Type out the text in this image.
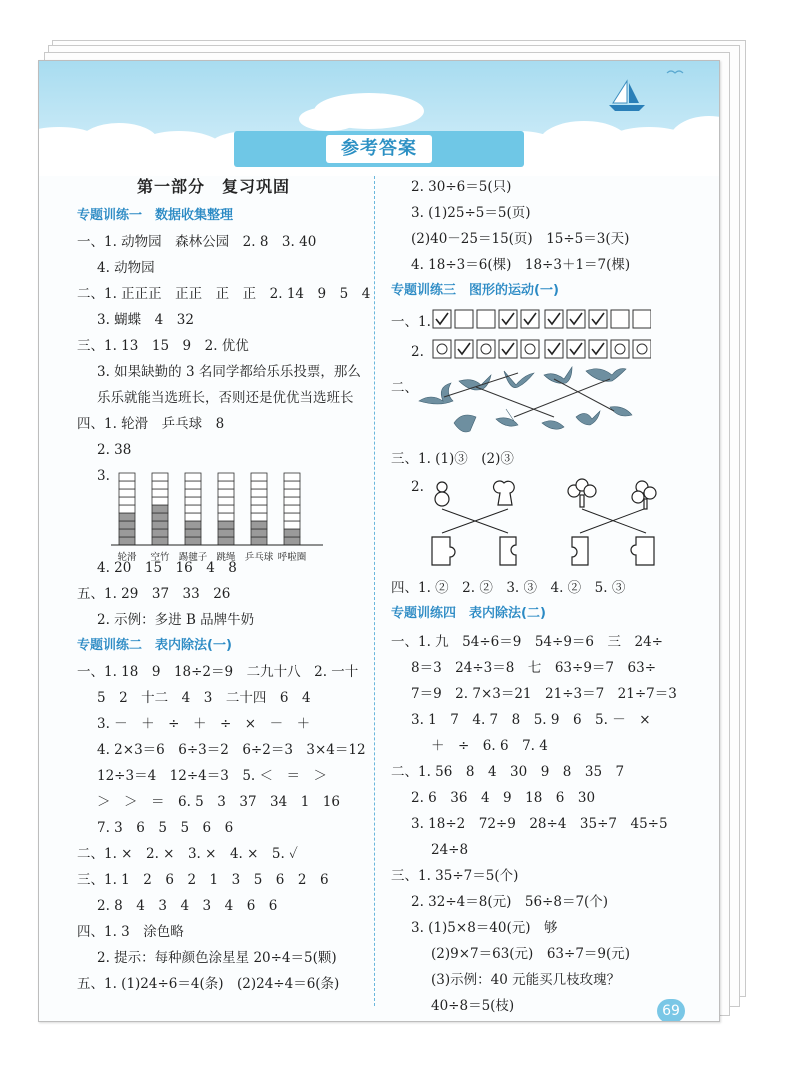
参考答案
第一部分　复习巩固
专题训练一　数据收集整理
一、1. 动物园　森林公园　2. 8　3. 40
4. 动物园
二、1. 正正正　正正　正　正　2. 14　9　5　4
3. 蝴蝶　4　32
三、1. 13　15　9　2. 优优
3. 如果缺勤的 3 名同学都给乐乐投票，那么
乐乐就能当选班长，否则还是优优当选班长
四、1. 轮滑　乒乓球　8
2. 38
3.
轮滑	空竹 踢毽子 跳绳 乒乓球 呼啦圈
4. 20　15　16　4　8
五、1. 29　37　33　26
2. 示例：多进 B 品牌牛奶
专题训练二　表内除法(一)
一、1. 18　9　18÷2＝9　二九十八　2. 一十
5　2　十二　4　3　二十四　6　4
3. －　＋　÷　＋　÷　×　－　＋
4. 2×3＝6　6÷3＝2　6÷2＝3　3×4＝12
12÷3＝4　12÷4＝3　5. ＜　＝　＞
＞　＞　＝　6. 5　3　37　34　1　16
7. 3　6　5　5　6　6
二、1. ×　2. ×　3. ×　4. ×　5. ✓
三、1. 1　2　6　2　1　3　5　6　2　6
2. 8　4　3　4　3　4　6　6
四、1. 3　涂色略
2. 提示：每种颜色涂星星 20÷4＝5(颗)
五、1. (1)24÷6＝4(条)　(2)24÷4＝6(条)
2. 30÷6＝5(只)
3. (1)25÷5＝5(页)
(2)40－25＝15(页)　15÷5＝3(天)
4. 18÷3＝6(棵)　18÷3＋1＝7(棵)
专题训练三　图形的运动(一)
一、1.
2.
二、
三、1. (1)③　(2)③
2.
四、1. ②　2. ②　3. ③　4. ②　5. ③
专题训练四　表内除法(二)
一、1. 九　54÷6＝9　54÷9＝6　三　24÷
8＝3　24÷3＝8　七　63÷9＝7　63÷
7＝9　2. 7×3＝21　21÷3＝7　21÷7＝3
3. 1　7　4. 7　8　5. 9　6　5. －　×
＋　÷　6. 6　7. 4
二、1. 56　8　4　30　9　8　35　7
2. 6　36　4　9　18　6　30
3. 18÷2　72÷9　28÷4　35÷7　45÷5
24÷8
三、1. 35÷7＝5(个)
2. 32÷4＝8(元)　56÷8＝7(个)
3. (1)5×8＝40(元)　够
(2)9×7＝63(元)　63÷7＝9(元)
(3)示例：40 元能买几枝玫瑰？
40÷8＝5(枝)	69
